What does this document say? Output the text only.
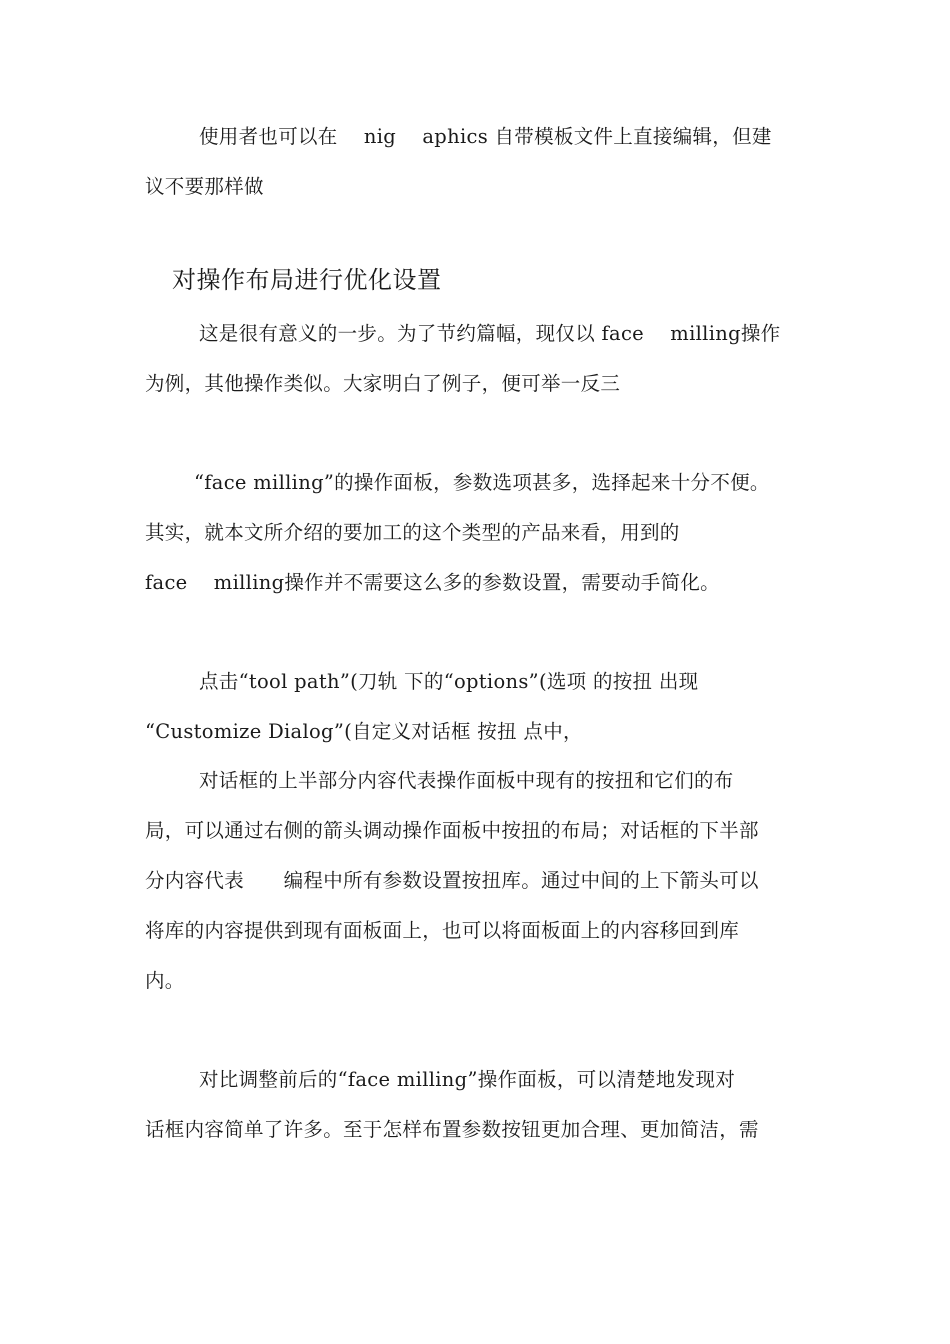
使用者也可以在　 nig 　aphics 自带模板文件上直接编辑，但建
议不要那样做
对操作布局进行优化设置
这是很有意义的一步。为了节约篇幅，现仅以 face　 milling操作
为例，其他操作类似。大家明白了例子，便可举一反三
“face milling”的操作面板，参数选项甚多，选择起来十分不便。
其实，就本文所介绍的要加工的这个类型的产品来看，用到的
face　 milling操作并不需要这么多的参数设置，需要动手简化。
点击“tool path”(刀轨 下的“options”(选项 的按扭 出现
“Customize Dialog”(自定义对话框 按扭 点中，
对话框的上半部分内容代表操作面板中现有的按扭和它们的布
局，可以通过右侧的箭头调动操作面板中按扭的布局；对话框的下半部
分内容代表　　编程中所有参数设置按扭库。通过中间的上下箭头可以
将库的内容提供到现有面板面上，也可以将面板面上的内容移回到库
内。
对比调整前后的“face milling”操作面板，可以清楚地发现对
话框内容简单了许多。至于怎样布置参数按钮更加合理、更加简洁，需
